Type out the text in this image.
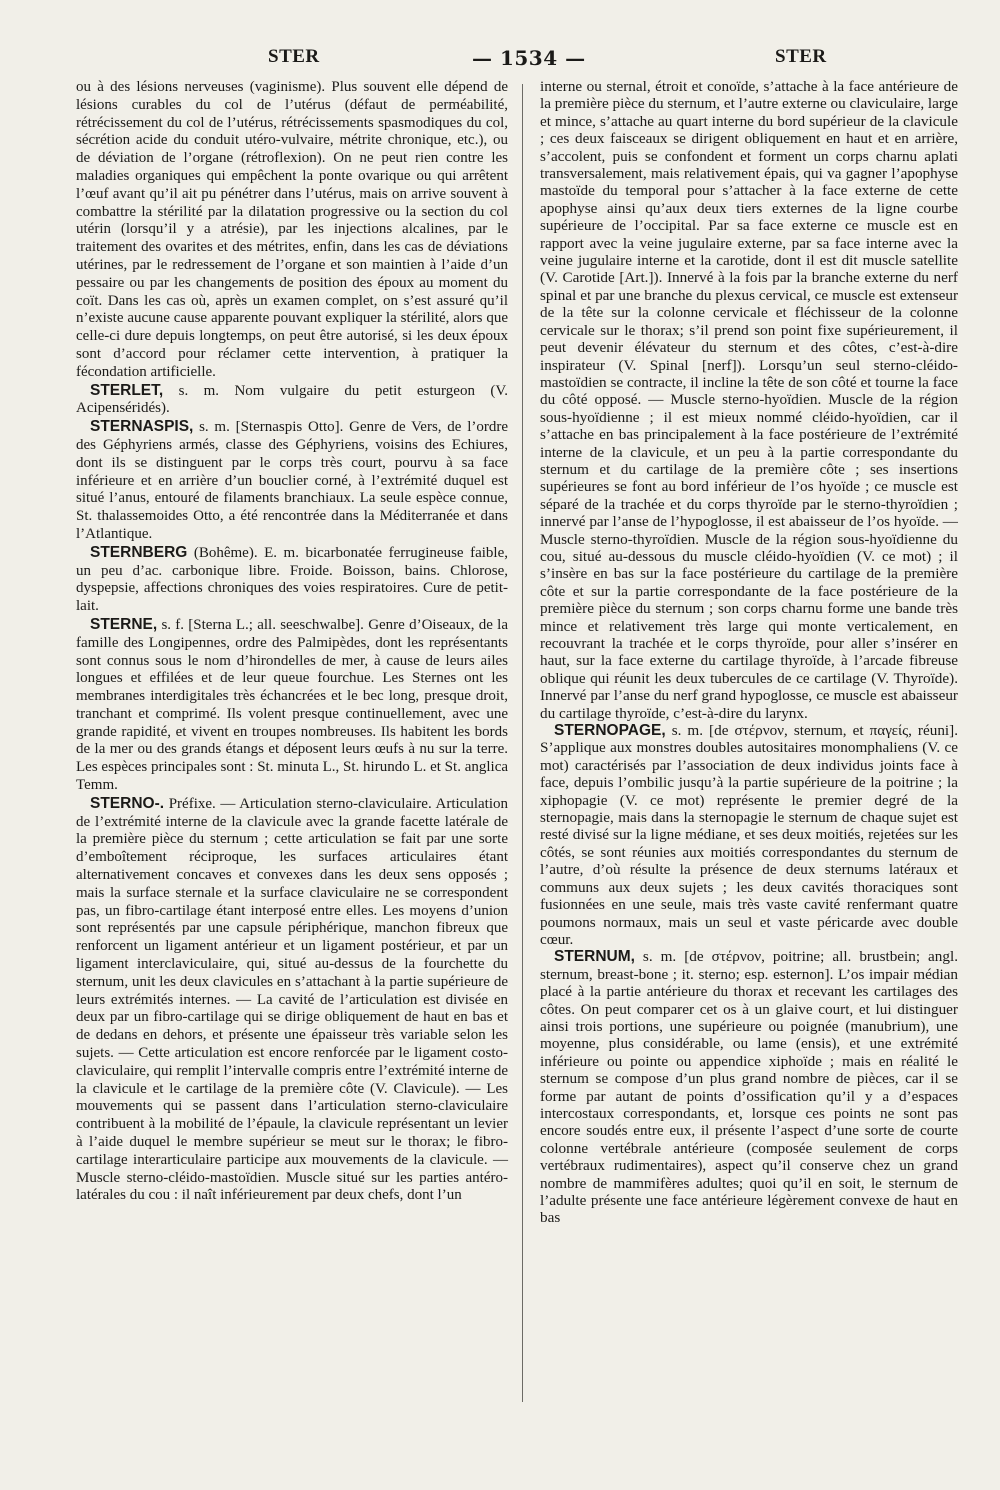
STER	— 1534 —	STER

ou à des lésions nerveuses (vaginisme). Plus souvent elle dépend de lésions curables du col de l’utérus (défaut de perméabilité, rétrécissement du col de l’utérus, rétrécissements spasmodiques du col, sécrétion acide du conduit utéro-vulvaire, métrite chronique, etc.), ou de déviation de l’organe (rétroflexion). On ne peut rien contre les maladies organiques qui empêchent la ponte ovarique ou qui arrêtent l’œuf avant qu’il ait pu pénétrer dans l’utérus, mais on arrive souvent à combattre la stérilité par la dilatation progressive ou la section du col utérin (lorsqu’il y a atrésie), par les injections alcalines, par le traitement des ovarites et des métrites, enfin, dans les cas de déviations utérines, par le redressement de l’organe et son maintien à l’aide d’un pessaire ou par les changements de position des époux au moment du coït. Dans les cas où, après un examen complet, on s’est assuré qu’il n’existe aucune cause apparente pouvant expliquer la stérilité, alors que celle-ci dure depuis longtemps, on peut être autorisé, si les deux époux sont d’accord pour réclamer cette intervention, à pratiquer la fécondation artificielle.

STERLET, s. m. Nom vulgaire du petit esturgeon (V. Acipenséridés).

STERNASPIS, s. m. [Sternaspis Otto]. Genre de Vers, de l’ordre des Géphyriens armés, classe des Géphyriens, voisins des Echiures, dont ils se distinguent par le corps très court, pourvu à sa face inférieure et en arrière d’un bouclier corné, à l’extrémité duquel est situé l’anus, entouré de filaments branchiaux. La seule espèce connue, St. thalassemoides Otto, a été rencontrée dans la Méditerranée et dans l’Atlantique.

STERNBERG (Bohême). E. m. bicarbonatée ferrugineuse faible, un peu d’ac. carbonique libre. Froide. Boisson, bains. Chlorose, dyspepsie, affections chroniques des voies respiratoires. Cure de petit-lait.

STERNE, s. f. [Sterna L.; all. seeschwalbe]. Genre d’Oiseaux, de la famille des Longipennes, ordre des Palmipèdes, dont les représentants sont connus sous le nom d’hirondelles de mer, à cause de leurs ailes longues et effilées et de leur queue fourchue. Les Sternes ont les membranes interdigitales très échancrées et le bec long, presque droit, tranchant et comprimé. Ils volent presque continuellement, avec une grande rapidité, et vivent en troupes nombreuses. Ils habitent les bords de la mer ou des grands étangs et déposent leurs œufs à nu sur la terre. Les espèces principales sont : St. minuta L., St. hirundo L. et St. anglica Temm.

STERNO-. Préfixe. — Articulation sterno-claviculaire. Articulation de l’extrémité interne de la clavicule avec la grande facette latérale de la première pièce du sternum ; cette articulation se fait par une sorte d’emboîtement réciproque, les surfaces articulaires étant alternativement concaves et convexes dans les deux sens opposés ; mais la surface sternale et la surface claviculaire ne se correspondent pas, un fibro-cartilage étant interposé entre elles. Les moyens d’union sont représentés par une capsule périphérique, manchon fibreux que renforcent un ligament antérieur et un ligament postérieur, et par un ligament interclaviculaire, qui, situé au-dessus de la fourchette du sternum, unit les deux clavicules en s’attachant à la partie supérieure de leurs extrémités internes. — La cavité de l’articulation est divisée en deux par un fibro-cartilage qui se dirige obliquement de haut en bas et de dedans en dehors, et présente une épaisseur très variable selon les sujets. — Cette articulation est encore renforcée par le ligament costo-claviculaire, qui remplit l’intervalle compris entre l’extrémité interne de la clavicule et le cartilage de la première côte (V. Clavicule). — Les mouvements qui se passent dans l’articulation sterno-claviculaire contribuent à la mobilité de l’épaule, la clavicule représentant un levier à l’aide duquel le membre supérieur se meut sur le thorax; le fibro-cartilage interarticulaire participe aux mouvements de la clavicule. — Muscle sterno-cléido-mastoïdien. Muscle situé sur les parties antéro-latérales du cou : il naît inférieurement par deux chefs, dont l’un

interne ou sternal, étroit et conoïde, s’attache à la face antérieure de la première pièce du sternum, et l’autre externe ou claviculaire, large et mince, s’attache au quart interne du bord supérieur de la clavicule ; ces deux faisceaux se dirigent obliquement en haut et en arrière, s’accolent, puis se confondent et forment un corps charnu aplati transversalement, mais relativement épais, qui va gagner l’apophyse mastoïde du temporal pour s’attacher à la face externe de cette apophyse ainsi qu’aux deux tiers externes de la ligne courbe supérieure de l’occipital. Par sa face externe ce muscle est en rapport avec la veine jugulaire externe, par sa face interne avec la veine jugulaire interne et la carotide, dont il est dit muscle satellite (V. Carotide [Art.]). Innervé à la fois par la branche externe du nerf spinal et par une branche du plexus cervical, ce muscle est extenseur de la tête sur la colonne cervicale et fléchisseur de la colonne cervicale sur le thorax; s’il prend son point fixe supérieurement, il peut devenir élévateur du sternum et des côtes, c’est-à-dire inspirateur (V. Spinal [nerf]). Lorsqu’un seul sterno-cléido-mastoïdien se contracte, il incline la tête de son côté et tourne la face du côté opposé. — Muscle sterno-hyoïdien. Muscle de la région sous-hyoïdienne ; il est mieux nommé cléido-hyoïdien, car il s’attache en bas principalement à la face postérieure de l’extrémité interne de la clavicule, et un peu à la partie correspondante du sternum et du cartilage de la première côte ; ses insertions supérieures se font au bord inférieur de l’os hyoïde ; ce muscle est séparé de la trachée et du corps thyroïde par le sterno-thyroïdien ; innervé par l’anse de l’hypoglosse, il est abaisseur de l’os hyoïde. — Muscle sterno-thyroïdien. Muscle de la région sous-hyoïdienne du cou, situé au-dessous du muscle cléido-hyoïdien (V. ce mot) ; il s’insère en bas sur la face postérieure du cartilage de la première côte et sur la partie correspondante de la face postérieure de la première pièce du sternum ; son corps charnu forme une bande très mince et relativement très large qui monte verticalement, en recouvrant la trachée et le corps thyroïde, pour aller s’insérer en haut, sur la face externe du cartilage thyroïde, à l’arcade fibreuse oblique qui réunit les deux tubercules de ce cartilage (V. Thyroïde). Innervé par l’anse du nerf grand hypoglosse, ce muscle est abaisseur du cartilage thyroïde, c’est-à-dire du larynx.

STERNOPAGE, s. m. [de στέρνον, sternum, et παγείς, réuni]. S’applique aux monstres doubles autositaires monomphaliens (V. ce mot) caractérisés par l’association de deux individus joints face à face, depuis l’ombilic jusqu’à la partie supérieure de la poitrine ; la xiphopagie (V. ce mot) représente le premier degré de la sternopagie, mais dans la sternopagie le sternum de chaque sujet est resté divisé sur la ligne médiane, et ses deux moitiés, rejetées sur les côtés, se sont réunies aux moitiés correspondantes du sternum de l’autre, d’où résulte la présence de deux sternums latéraux et communs aux deux sujets ; les deux cavités thoraciques sont fusionnées en une seule, mais très vaste cavité renfermant quatre poumons normaux, mais un seul et vaste péricarde avec double cœur.

STERNUM, s. m. [de στέρνον, poitrine; all. brustbein; angl. sternum, breast-bone ; it. sterno; esp. esternon]. L’os impair médian placé à la partie antérieure du thorax et recevant les cartilages des côtes. On peut comparer cet os à un glaive court, et lui distinguer ainsi trois portions, une supérieure ou poignée (manubrium), une moyenne, plus considérable, ou lame (ensis), et une extrémité inférieure ou pointe ou appendice xiphoïde ; mais en réalité le sternum se compose d’un plus grand nombre de pièces, car il se forme par autant de points d’ossification qu’il y a d’espaces intercostaux correspondants, et, lorsque ces points ne sont pas encore soudés entre eux, il présente l’aspect d’une sorte de courte colonne vertébrale antérieure (composée seulement de corps vertébraux rudimentaires), aspect qu’il conserve chez un grand nombre de mammifères adultes; quoi qu’il en soit, le sternum de l’adulte présente une face antérieure légèrement convexe de haut en bas
